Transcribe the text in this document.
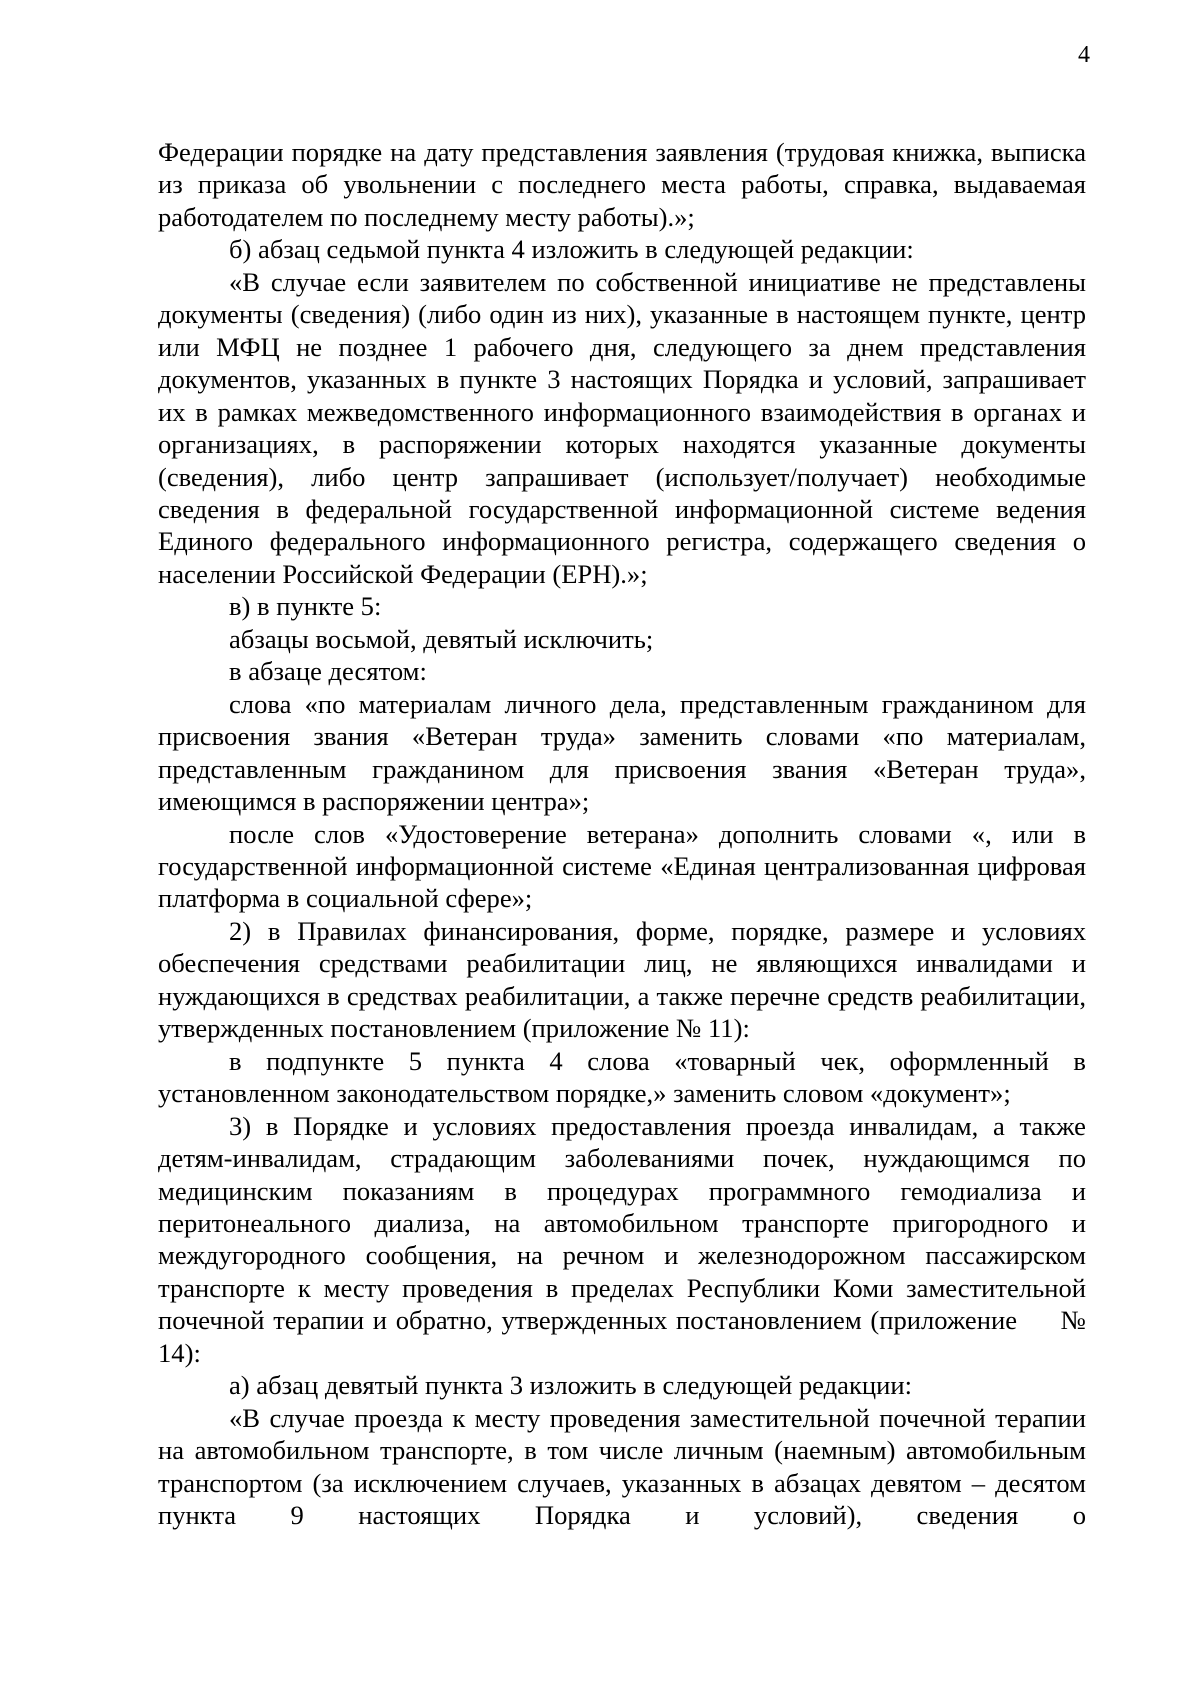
4

Федерации порядке на дату представления заявления (трудовая книжка, выписка из приказа об увольнении с последнего места работы, справка, выдаваемая работодателем по последнему месту работы).»;

б) абзац седьмой пункта 4 изложить в следующей редакции:

«В случае если заявителем по собственной инициативе не представлены документы (сведения) (либо один из них), указанные в настоящем пункте, центр или МФЦ не позднее 1 рабочего дня, следующего за днем представления документов, указанных в пункте 3 настоящих Порядка и условий, запрашивает их в рамках межведомственного информационного взаимодействия в органах и организациях, в распоряжении которых находятся указанные документы (сведения), либо центр запрашивает (использует/получает) необходимые сведения в федеральной государственной информационной системе ведения Единого федерального информационного регистра, содержащего сведения о населении Российской Федерации (ЕРН).»;

в) в пункте 5:

абзацы восьмой, девятый исключить;

в абзаце десятом:

слова «по материалам личного дела, представленным гражданином для присвоения звания «Ветеран труда» заменить словами «по материалам, представленным гражданином для присвоения звания «Ветеран труда», имеющимся в распоряжении центра»;

после слов «Удостоверение ветерана» дополнить словами «, или в государственной информационной системе «Единая централизованная цифровая платформа в социальной сфере»;

2) в Правилах финансирования, форме, порядке, размере и условиях обеспечения средствами реабилитации лиц, не являющихся инвалидами и нуждающихся в средствах реабилитации, а также перечне средств реабилитации, утвержденных постановлением (приложение № 11):

в подпункте 5 пункта 4 слова «товарный чек, оформленный в установленном законодательством порядке,» заменить словом «документ»;

3) в Порядке и условиях предоставления проезда инвалидам, а также детям-инвалидам, страдающим заболеваниями почек, нуждающимся по медицинским показаниям в процедурах программного гемодиализа и перитонеального диализа, на автомобильном транспорте пригородного и междугородного сообщения, на речном и железнодорожном пассажирском транспорте к месту проведения в пределах Республики Коми заместительной почечной терапии и обратно, утвержденных постановлением (приложение     № 14):

а) абзац девятый пункта 3 изложить в следующей редакции:

«В случае проезда к месту проведения заместительной почечной терапии на автомобильном транспорте, в том числе личным (наемным) автомобильным транспортом (за исключением случаев, указанных в абзацах девятом – десятом пункта 9 настоящих Порядка и условий), сведения о
